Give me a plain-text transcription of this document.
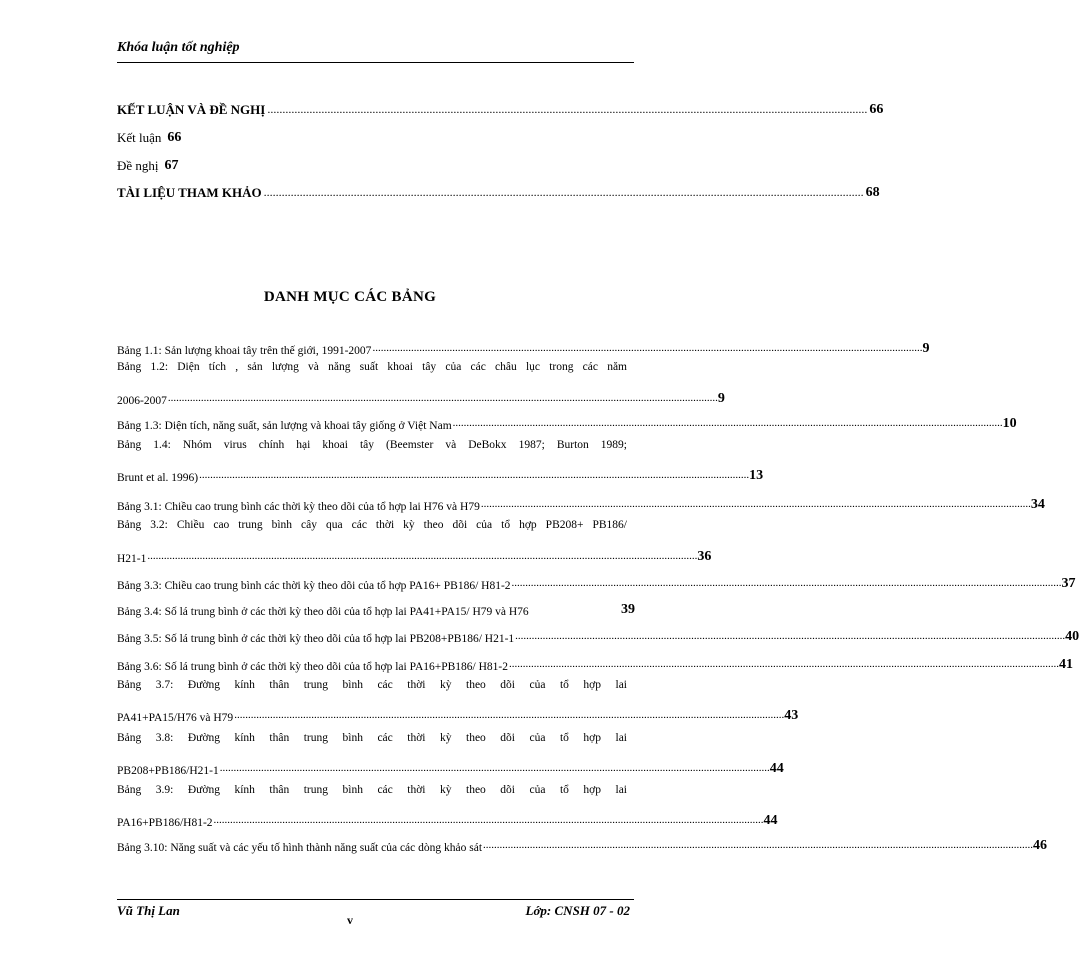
Khóa luận tốt nghiệp
KẾT LUẬN VÀ ĐỀ NGHỊ ........................................................................................................................................................................................................ 66
Kết luận 66
Đề nghị 67
TÀI LIỆU THAM KHẢO ........................................................................................................................................................................................................ 68
DANH MỤC CÁC BẢNG
Bảng 1.1: Sản lượng khoai tây trên thế giới, 1991-2007 ........................................................................................................................................................................................................ 9
Bảng 1.2: Diện tích , sản lượng và năng suất khoai tây của các châu lục trong các năm
2006-2007 ........................................................................................................................................................................................................ 9
Bảng 1.3: Diện tích, năng suất, sản lượng và khoai tây giống ở Việt Nam ........................................................................................................................................................................................................ 10
Bảng 1.4: Nhóm virus chính hại khoai tây (Beemster và DeBokx 1987; Burton 1989;
Brunt et al. 1996) ........................................................................................................................................................................................................ 13
Bảng 3.1: Chiều cao trung bình các thời kỳ theo dõi của tổ hợp lai H76 và H79 ........................................................................................................................................................................................................ 34
Bảng 3.2: Chiều cao trung bình cây qua các thời kỳ theo dõi của tổ hợp PB208+ PB186/
H21-1 ........................................................................................................................................................................................................ 36
Bảng 3.3: Chiều cao trung bình các thời kỳ theo dõi của tổ hợp PA16+ PB186/ H81-2 ........................................................................................................................................................................................................ 37
Bảng 3.4: Số lá trung bình ở các thời kỳ theo dõi của tổ hợp lai PA41+PA15/ H79 và H76	39
Bảng 3.5: Số lá trung bình ở các thời kỳ theo dõi của tổ hợp lai PB208+PB186/ H21-1 ........................................................................................................................................................................................................ 40
Bảng 3.6: Số lá trung bình ở các thời kỳ theo dõi của tổ hợp lai PA16+PB186/ H81-2 ........................................................................................................................................................................................................ 41
Bảng 3.7: Đường kính thân trung bình các thời kỳ theo dõi của tổ hợp lai
PA41+PA15/H76 và H79 ........................................................................................................................................................................................................ 43
Bảng 3.8: Đường kính thân trung bình các thời kỳ theo dõi của tổ hợp lai
PB208+PB186/H21-1 ........................................................................................................................................................................................................ 44
Bảng 3.9: Đường kính thân trung bình các thời kỳ theo dõi của tổ hợp lai
PA16+PB186/H81-2 ........................................................................................................................................................................................................ 44
Bảng 3.10: Năng suất và các yếu tố hình thành năng suất của các dòng khảo sát ........................................................................................................................................................................................................ 46
Vũ Thị Lan
v
Lớp: CNSH 07 - 02
